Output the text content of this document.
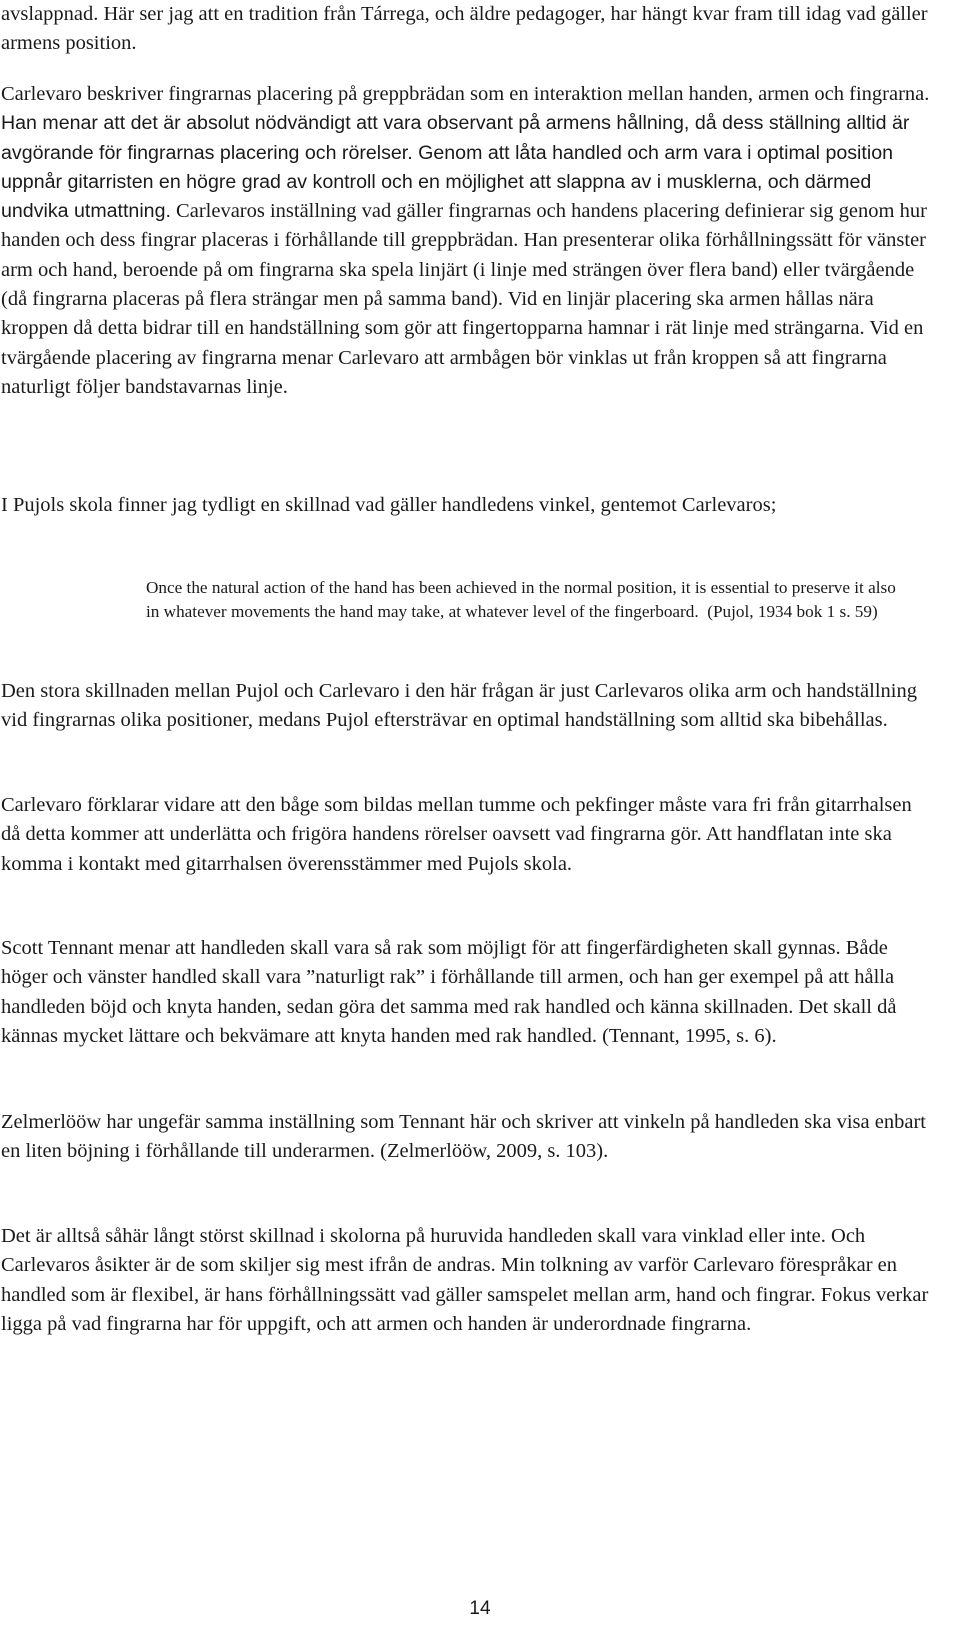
avslappnad. Här ser jag att en tradition från Tárrega, och äldre pedagoger, har hängt kvar fram till idag vad gäller armens position.

Carlevaro beskriver fingrarnas placering på greppbrädan som en interaktion mellan handen, armen och fingrarna. Han menar att det är absolut nödvändigt att vara observant på armens hållning, då dess ställning alltid är avgörande för fingrarnas placering och rörelser. Genom att låta handled och arm vara i optimal position uppnår gitarristen en högre grad av kontroll och en möjlighet att slappna av i musklerna, och därmed undvika utmattning. Carlevaros inställning vad gäller fingrarnas och handens placering definierar sig genom hur handen och dess fingrar placeras i förhållande till greppbrädan. Han presenterar olika förhållningssätt för vänster arm och hand, beroende på om fingrarna ska spela linjärt (i linje med strängen över flera band) eller tvärgående (då fingrarna placeras på flera strängar men på samma band). Vid en linjär placering ska armen hållas nära kroppen då detta bidrar till en handställning som gör att fingertopparna hamnar i rät linje med strängarna. Vid en tvärgående placering av fingrarna menar Carlevaro att armbågen bör vinklas ut från kroppen så att fingrarna naturligt följer bandstavarnas linje.

I Pujols skola finner jag tydligt en skillnad vad gäller handledens vinkel, gentemot Carlevaros;

Once the natural action of the hand has been achieved in the normal position, it is essential to preserve it also in whatever movements the hand may take, at whatever level of the fingerboard. (Pujol, 1934 bok 1 s. 59)

Den stora skillnaden mellan Pujol och Carlevaro i den här frågan är just Carlevaros olika arm och handställning vid fingrarnas olika positioner, medans Pujol eftersträvar en optimal handställning som alltid ska bibehållas.

Carlevaro förklarar vidare att den båge som bildas mellan tumme och pekfinger måste vara fri från gitarrhalsen då detta kommer att underlätta och frigöra handens rörelser oavsett vad fingrarna gör. Att handflatan inte ska komma i kontakt med gitarrhalsen överensstämmer med Pujols skola.

Scott Tennant menar att handleden skall vara så rak som möjligt för att fingerfärdigheten skall gynnas. Både höger och vänster handled skall vara ”naturligt rak” i förhållande till armen, och han ger exempel på att hålla handleden böjd och knyta handen, sedan göra det samma med rak handled och känna skillnaden. Det skall då kännas mycket lättare och bekvämare att knyta handen med rak handled. (Tennant, 1995, s. 6).

Zelmerlööw har ungefär samma inställning som Tennant här och skriver att vinkeln på handleden ska visa enbart en liten böjning i förhållande till underarmen. (Zelmerlööw, 2009, s. 103).

Det är alltså såhär långt störst skillnad i skolorna på huruvida handleden skall vara vinklad eller inte. Och Carlevaros åsikter är de som skiljer sig mest ifrån de andras. Min tolkning av varför Carlevaro förespråkar en handled som är flexibel, är hans förhållningssätt vad gäller samspelet mellan arm, hand och fingrar. Fokus verkar ligga på vad fingrarna har för uppgift, och att armen och handen är underordnade fingrarna.

14
